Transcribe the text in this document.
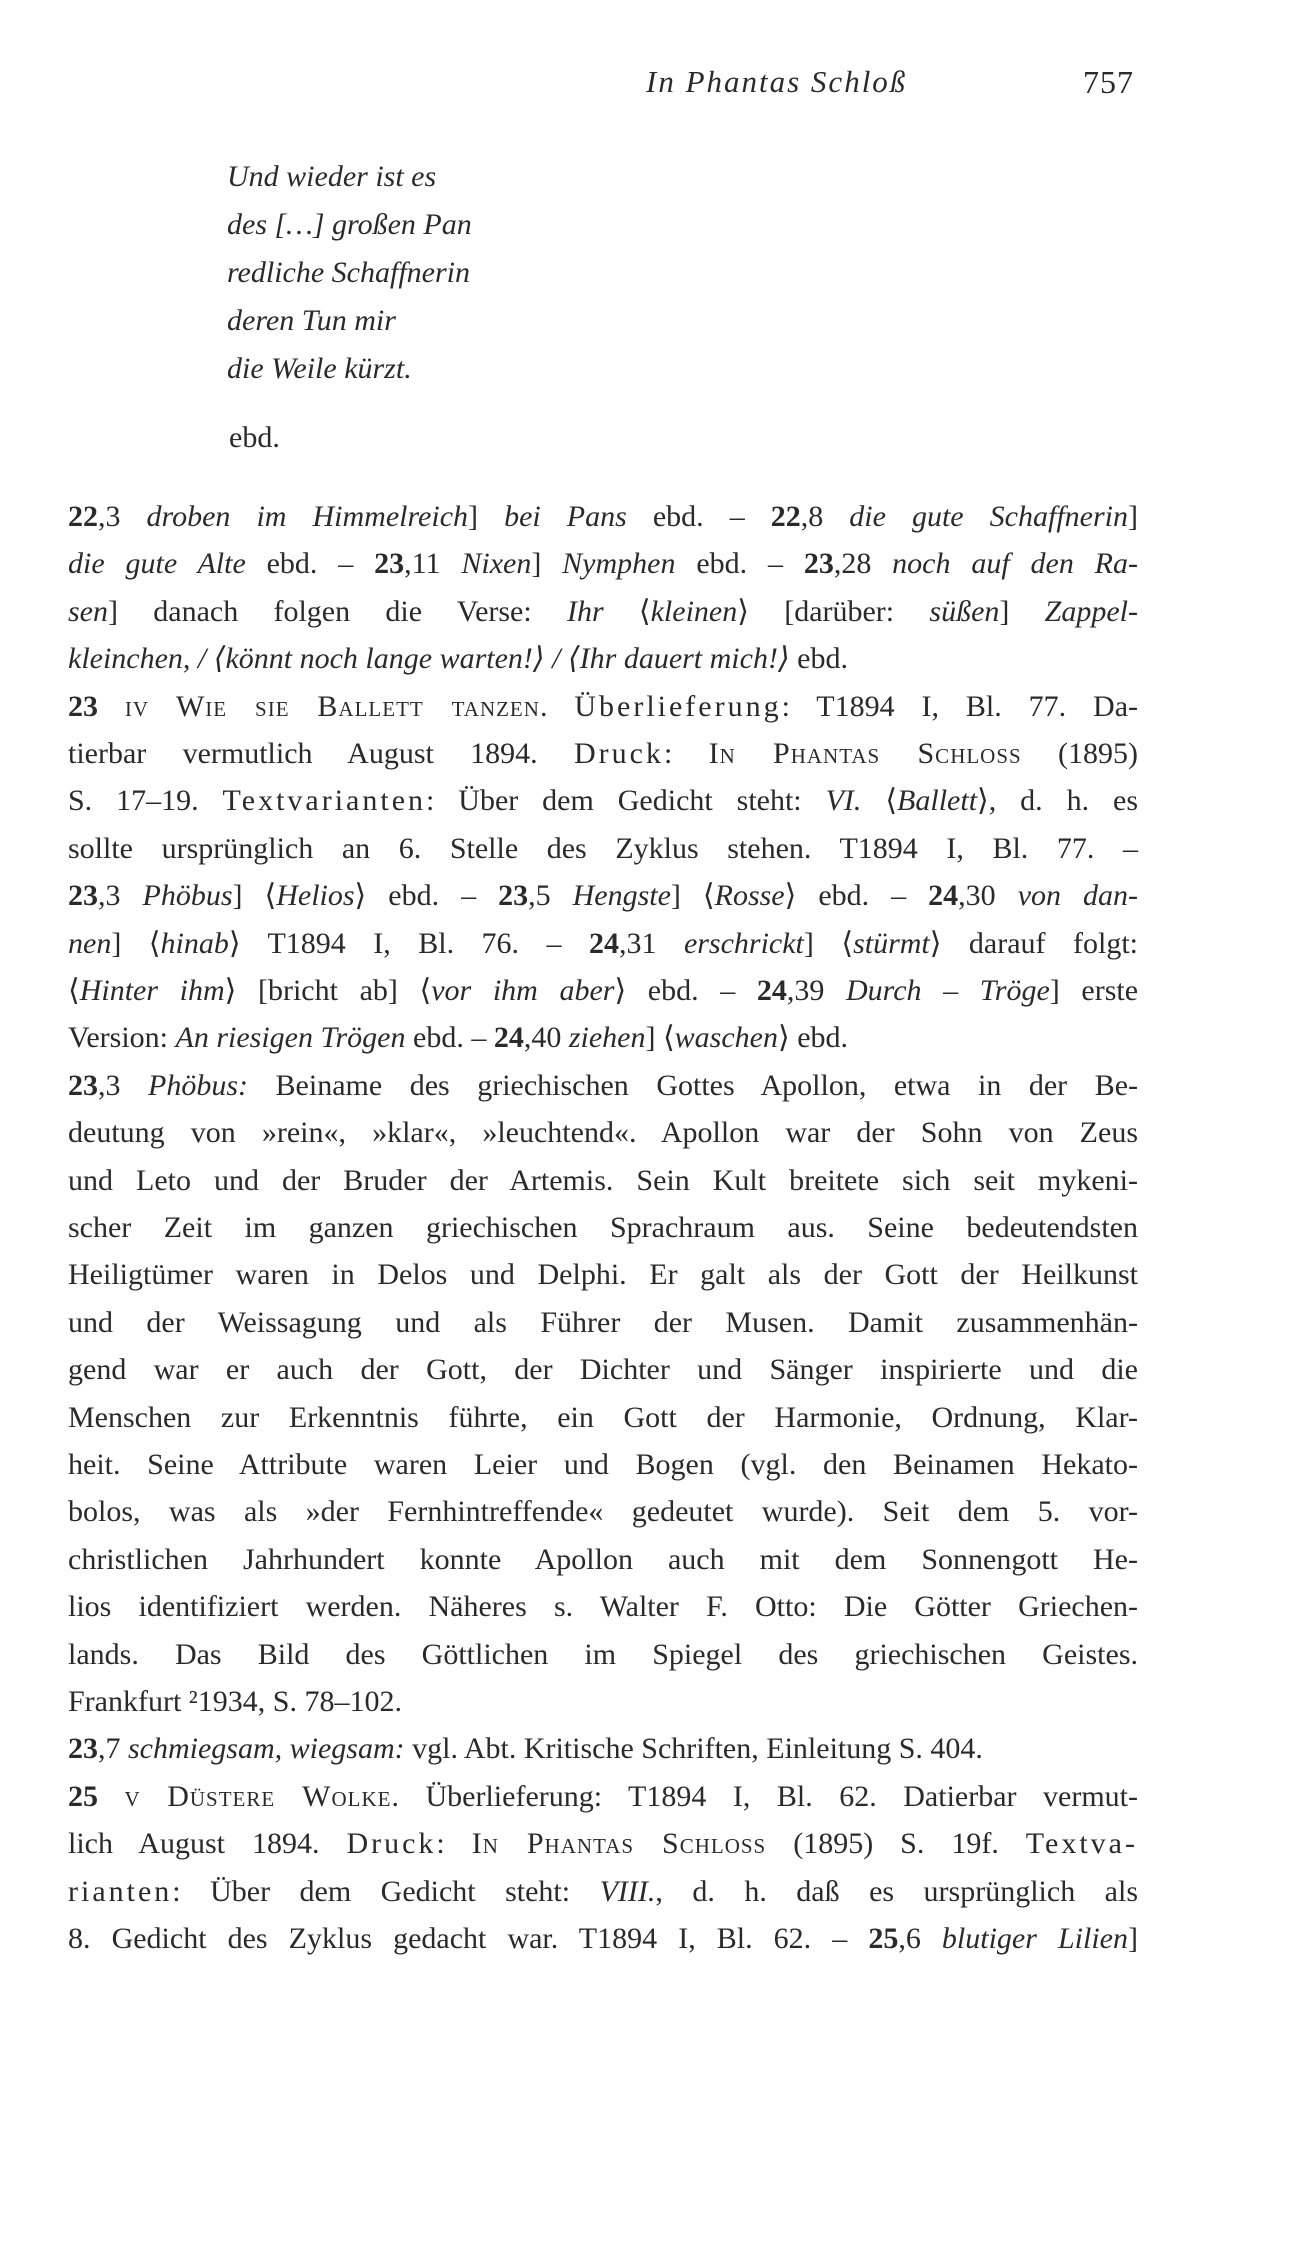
In Phantas Schloß	757
Und wieder ist es
des […] großen Pan
redliche Schaffnerin
deren Tun mir
die Weile kürzt.
ebd.
22,3 droben im Himmelreich] bei Pans ebd. – 22,8 die gute Schaffnerin]
die gute Alte ebd. – 23,11 Nixen] Nymphen ebd. – 23,28 noch auf den Ra-
sen] danach folgen die Verse: Ihr ⟨kleinen⟩ [darüber: süßen] Zappel-
kleinchen, / ⟨könnt noch lange warten!⟩ / ⟨Ihr dauert mich!⟩ ebd.
23 iv Wie sie Ballett tanzen. Überlieferung: T1894 I, Bl. 77. Da-
tierbar vermutlich August 1894. Druck: In Phantas Schloss (1895)
S. 17–19. Textvarianten: Über dem Gedicht steht: VI. ⟨Ballett⟩, d. h. es
sollte ursprünglich an 6. Stelle des Zyklus stehen. T1894 I, Bl. 77. –
23,3 Phöbus] ⟨Helios⟩ ebd. – 23,5 Hengste] ⟨Rosse⟩ ebd. – 24,30 von dan-
nen] ⟨hinab⟩ T1894 I, Bl. 76. – 24,31 erschrickt] ⟨stürmt⟩ darauf folgt:
⟨Hinter ihm⟩ [bricht ab] ⟨vor ihm aber⟩ ebd. – 24,39 Durch – Tröge] erste
Version: An riesigen Trögen ebd. – 24,40 ziehen] ⟨waschen⟩ ebd.
23,3 Phöbus: Beiname des griechischen Gottes Apollon, etwa in der Be-
deutung von »rein«, »klar«, »leuchtend«. Apollon war der Sohn von Zeus
und Leto und der Bruder der Artemis. Sein Kult breitete sich seit mykeni-
scher Zeit im ganzen griechischen Sprachraum aus. Seine bedeutendsten
Heiligtümer waren in Delos und Delphi. Er galt als der Gott der Heilkunst
und der Weissagung und als Führer der Musen. Damit zusammenhän-
gend war er auch der Gott, der Dichter und Sänger inspirierte und die
Menschen zur Erkenntnis führte, ein Gott der Harmonie, Ordnung, Klar-
heit. Seine Attribute waren Leier und Bogen (vgl. den Beinamen Hekato-
bolos, was als »der Fernhintreffende« gedeutet wurde). Seit dem 5. vor-
christlichen Jahrhundert konnte Apollon auch mit dem Sonnengott He-
lios identifiziert werden. Näheres s. Walter F. Otto: Die Götter Griechen-
lands. Das Bild des Göttlichen im Spiegel des griechischen Geistes.
Frankfurt ²1934, S. 78–102.
23,7 schmiegsam, wiegsam: vgl. Abt. Kritische Schriften, Einleitung S. 404.
25 v Düstere Wolke. Überlieferung: T1894 I, Bl. 62. Datierbar vermut-
lich August 1894. Druck: In Phantas Schloss (1895) S. 19f. Textva-
rianten: Über dem Gedicht steht: VIII., d. h. daß es ursprünglich als
8. Gedicht des Zyklus gedacht war. T1894 I, Bl. 62. – 25,6 blutiger Lilien]
